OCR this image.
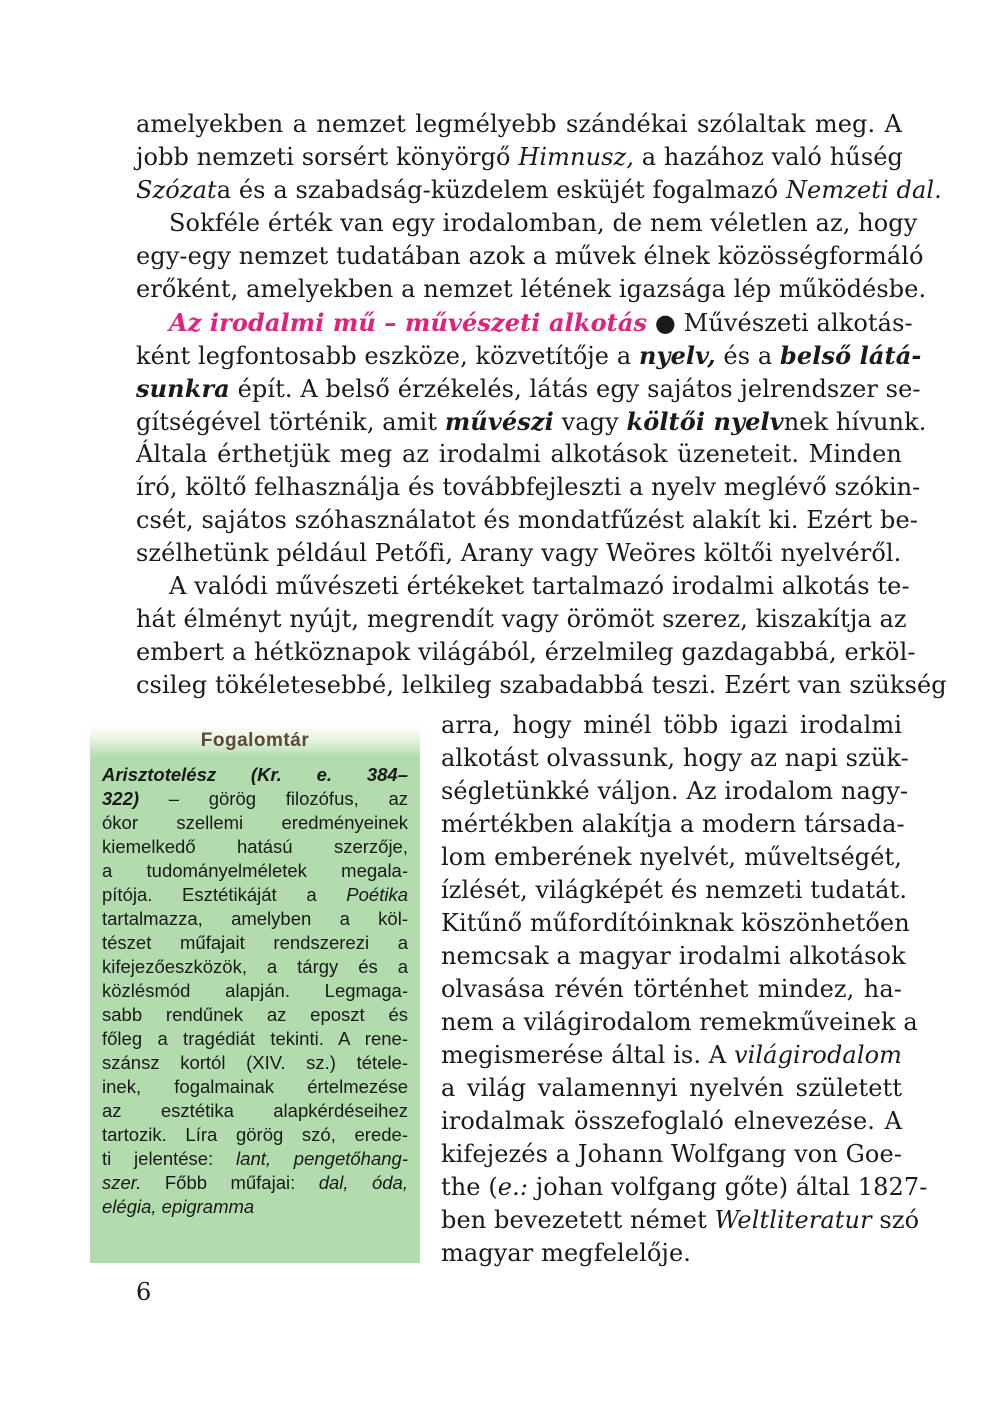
amelyekben a nemzet legmélyebb szándékai szólaltak meg. A
jobb nemzeti sorsért könyörgő Himnusz, a hazához való hűség
Szózata és a szabadság-küzdelem esküjét fogalmazó Nemzeti dal.
Sokféle érték van egy irodalomban, de nem véletlen az, hogy
egy-egy nemzet tudatában azok a művek élnek közösségformáló
erőként, amelyekben a nemzet létének igazsága lép működésbe.
Az irodalmi mű – művészeti alkotás ● Művészeti alkotás-
ként legfontosabb eszköze, közvetítője a nyelv, és a belső látá-
sunkra épít. A belső érzékelés, látás egy sajátos jelrendszer se-
gítségével történik, amit művészi vagy költői nyelvnek hívunk.
Általa érthetjük meg az irodalmi alkotások üzeneteit. Minden
író, költő felhasználja és továbbfejleszti a nyelv meglévő szókin-
csét, sajátos szóhasználatot és mondatfűzést alakít ki. Ezért be-
szélhetünk például Petőfi, Arany vagy Weöres költői nyelvéről.
A valódi művészeti értékeket tartalmazó irodalmi alkotás te-
hát élményt nyújt, megrendít vagy örömöt szerez, kiszakítja az
embert a hétköznapok világából, érzelmileg gazdagabbá, erköl-
csileg tökéletesebbé, lelkileg szabadabbá teszi. Ezért van szükség
arra, hogy minél több igazi irodalmi
alkotást olvassunk, hogy az napi szük-
ségletünkké váljon. Az irodalom nagy-
mértékben alakítja a modern társada-
lom emberének nyelvét, műveltségét,
ízlését, világképét és nemzeti tudatát.
Kitűnő műfordítóinknak köszönhetően
nemcsak a magyar irodalmi alkotások
olvasása révén történhet mindez, ha-
nem a világirodalom remekműveinek a
megismerése által is. A világirodalom
a világ valamennyi nyelvén született
irodalmak összefoglaló elnevezése. A
kifejezés a Johann Wolfgang von Goe-
the (e.: johan volfgang gőte) által 1827-
ben bevezetett német Weltliteratur szó
magyar megfelelője.
Fogalomtár
Arisztotelész (Kr. e. 384–
322) – görög filozófus, az
ókor szellemi eredményeinek
kiemelkedő hatású szerzője,
a tudományelméletek megala-
pítója. Esztétikáját a Poétika
tartalmazza, amelyben a köl-
tészet műfajait rendszerezi a
kifejezőeszközök, a tárgy és a
közlésmód alapján. Legmaga-
sabb rendűnek az eposzt és
főleg a tragédiát tekinti. A rene-
szánsz kortól (XIV. sz.) tétele-
inek, fogalmainak értelmezése
az esztétika alapkérdéseihez
tartozik. Líra görög szó, erede-
ti jelentése: lant, pengetőhang-
szer. Főbb műfajai: dal, óda,
elégia, epigramma
6
